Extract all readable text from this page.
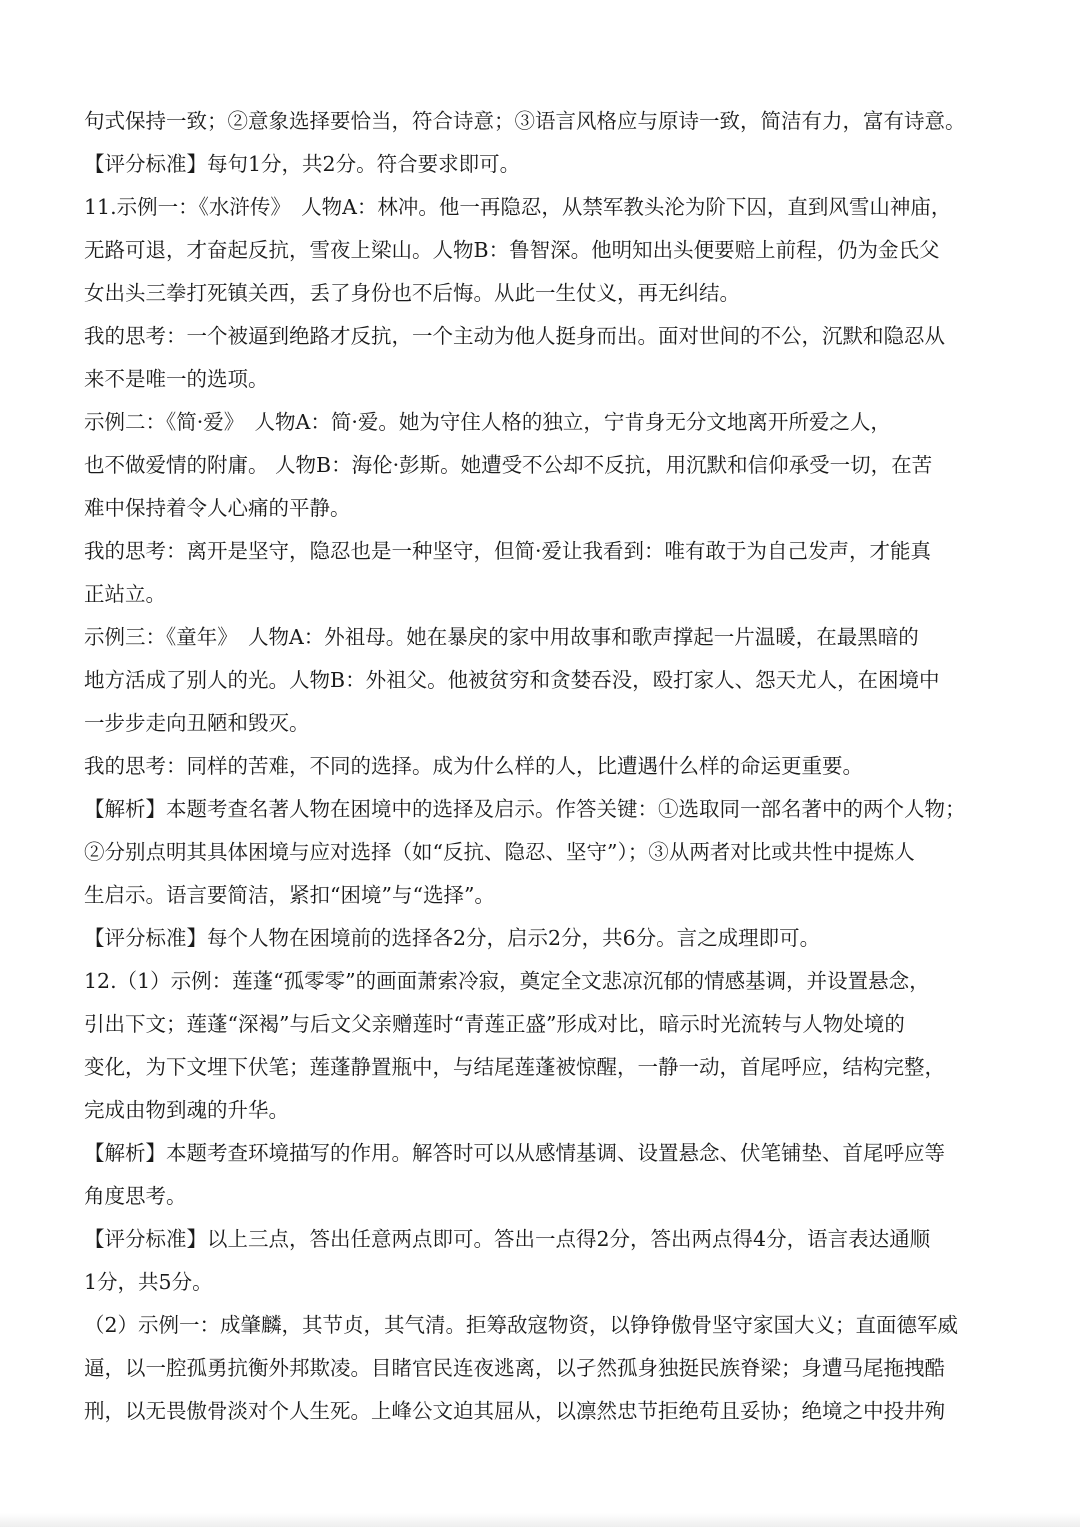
句式保持一致；②意象选择要恰当，符合诗意；③语言风格应与原诗一致，简洁有力，富有诗意。
【评分标准】每句1分，共2分。符合要求即可。
11.示例一：《水浒传》　人物A：林冲。他一再隐忍，从禁军教头沦为阶下囚，直到风雪山神庙，
无路可退，才奋起反抗，雪夜上梁山。人物B：鲁智深。他明知出头便要赔上前程，仍为金氏父
女出头三拳打死镇关西，丢了身份也不后悔。从此一生仗义，再无纠结。
我的思考：一个被逼到绝路才反抗，一个主动为他人挺身而出。面对世间的不公，沉默和隐忍从
来不是唯一的选项。
示例二：《简·爱》　人物A：简·爱。她为守住人格的独立，宁肯身无分文地离开所爱之人，
也不做爱情的附庸。 人物B：海伦·彭斯。她遭受不公却不反抗，用沉默和信仰承受一切，在苦
难中保持着令人心痛的平静。
我的思考：离开是坚守，隐忍也是一种坚守，但简·爱让我看到：唯有敢于为自己发声，才能真
正站立。
示例三：《童年》　人物A：外祖母。她在暴戾的家中用故事和歌声撑起一片温暖，在最黑暗的
地方活成了别人的光。人物B：外祖父。他被贫穷和贪婪吞没，殴打家人、怨天尤人，在困境中
一步步走向丑陋和毁灭。
我的思考：同样的苦难，不同的选择。成为什么样的人，比遭遇什么样的命运更重要。
【解析】本题考查名著人物在困境中的选择及启示。作答关键：①选取同一部名著中的两个人物；
②分别点明其具体困境与应对选择（如“反抗、隐忍、坚守”）；③从两者对比或共性中提炼人
生启示。语言要简洁，紧扣“困境”与“选择”。
【评分标准】每个人物在困境前的选择各2分，启示2分，共6分。言之成理即可。
12.（1）示例：莲蓬“孤零零”的画面萧索冷寂，奠定全文悲凉沉郁的情感基调，并设置悬念，
引出下文；莲蓬“深褐”与后文父亲赠莲时“青莲正盛”形成对比，暗示时光流转与人物处境的
变化，为下文埋下伏笔；莲蓬静置瓶中，与结尾莲蓬被惊醒，一静一动，首尾呼应，结构完整，
完成由物到魂的升华。
【解析】本题考查环境描写的作用。解答时可以从感情基调、设置悬念、伏笔铺垫、首尾呼应等
角度思考。
【评分标准】以上三点，答出任意两点即可。答出一点得2分，答出两点得4分，语言表达通顺
1分，共5分。
（2）示例一：成肇麟，其节贞，其气清。拒筹敌寇物资，以铮铮傲骨坚守家国大义；直面德军威
逼，以一腔孤勇抗衡外邦欺凌。目睹官民连夜逃离，以孑然孤身独挺民族脊梁；身遭马尾拖拽酷
刑，以无畏傲骨淡对个人生死。上峰公文迫其屈从，以凛然忠节拒绝苟且妥协；绝境之中投井殉
